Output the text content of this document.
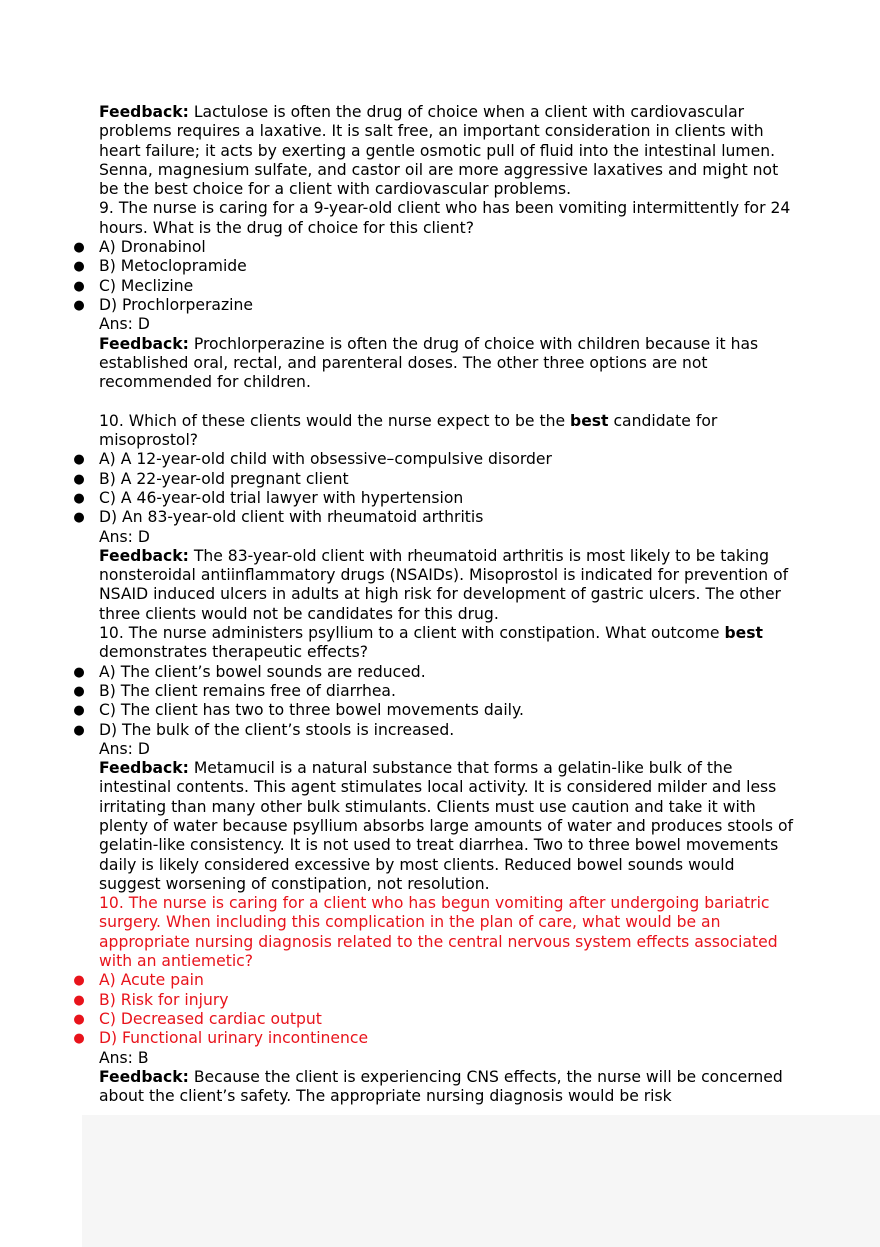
Feedback: Lactulose is often the drug of choice when a client with cardiovascular problems requires a laxative. It is salt free, an important consideration in clients with heart failure; it acts by exerting a gentle osmotic pull of fluid into the intestinal lumen. Senna, magnesium sulfate, and castor oil are more aggressive laxatives and might not be the best choice for a client with cardiovascular problems.

9. The nurse is caring for a 9-year-old client who has been vomiting intermittently for 24 hours. What is the drug of choice for this client?

● A) Dronabinol

● B) Metoclopramide

● C) Meclizine

● D) Prochlorperazine

Ans: D

Feedback: Prochlorperazine is often the drug of choice with children because it has established oral, rectal, and parenteral doses. The other three options are not recommended for children.

10. Which of these clients would the nurse expect to be the best candidate for misoprostol?

● A) A 12-year-old child with obsessive–compulsive disorder

● B) A 22-year-old pregnant client

● C) A 46-year-old trial lawyer with hypertension

● D) An 83-year-old client with rheumatoid arthritis

Ans: D

Feedback: The 83-year-old client with rheumatoid arthritis is most likely to be taking nonsteroidal antiinflammatory drugs (NSAIDs). Misoprostol is indicated for prevention of NSAID induced ulcers in adults at high risk for development of gastric ulcers. The other three clients would not be candidates for this drug.

10. The nurse administers psyllium to a client with constipation. What outcome best demonstrates therapeutic effects?

● A) The client’s bowel sounds are reduced.

● B) The client remains free of diarrhea.

● C) The client has two to three bowel movements daily.

● D) The bulk of the client’s stools is increased.

Ans: D

Feedback: Metamucil is a natural substance that forms a gelatin-like bulk of the intestinal contents. This agent stimulates local activity. It is considered milder and less irritating than many other bulk stimulants. Clients must use caution and take it with plenty of water because psyllium absorbs large amounts of water and produces stools of gelatin-like consistency. It is not used to treat diarrhea. Two to three bowel movements daily is likely considered excessive by most clients. Reduced bowel sounds would suggest worsening of constipation, not resolution.

10. The nurse is caring for a client who has begun vomiting after undergoing bariatric surgery. When including this complication in the plan of care, what would be an appropriate nursing diagnosis related to the central nervous system effects associated with an antiemetic?

● A) Acute pain

● B) Risk for injury

● C) Decreased cardiac output

● D) Functional urinary incontinence

Ans: B

Feedback: Because the client is experiencing CNS effects, the nurse will be concerned about the client’s safety. The appropriate nursing diagnosis would be risk
